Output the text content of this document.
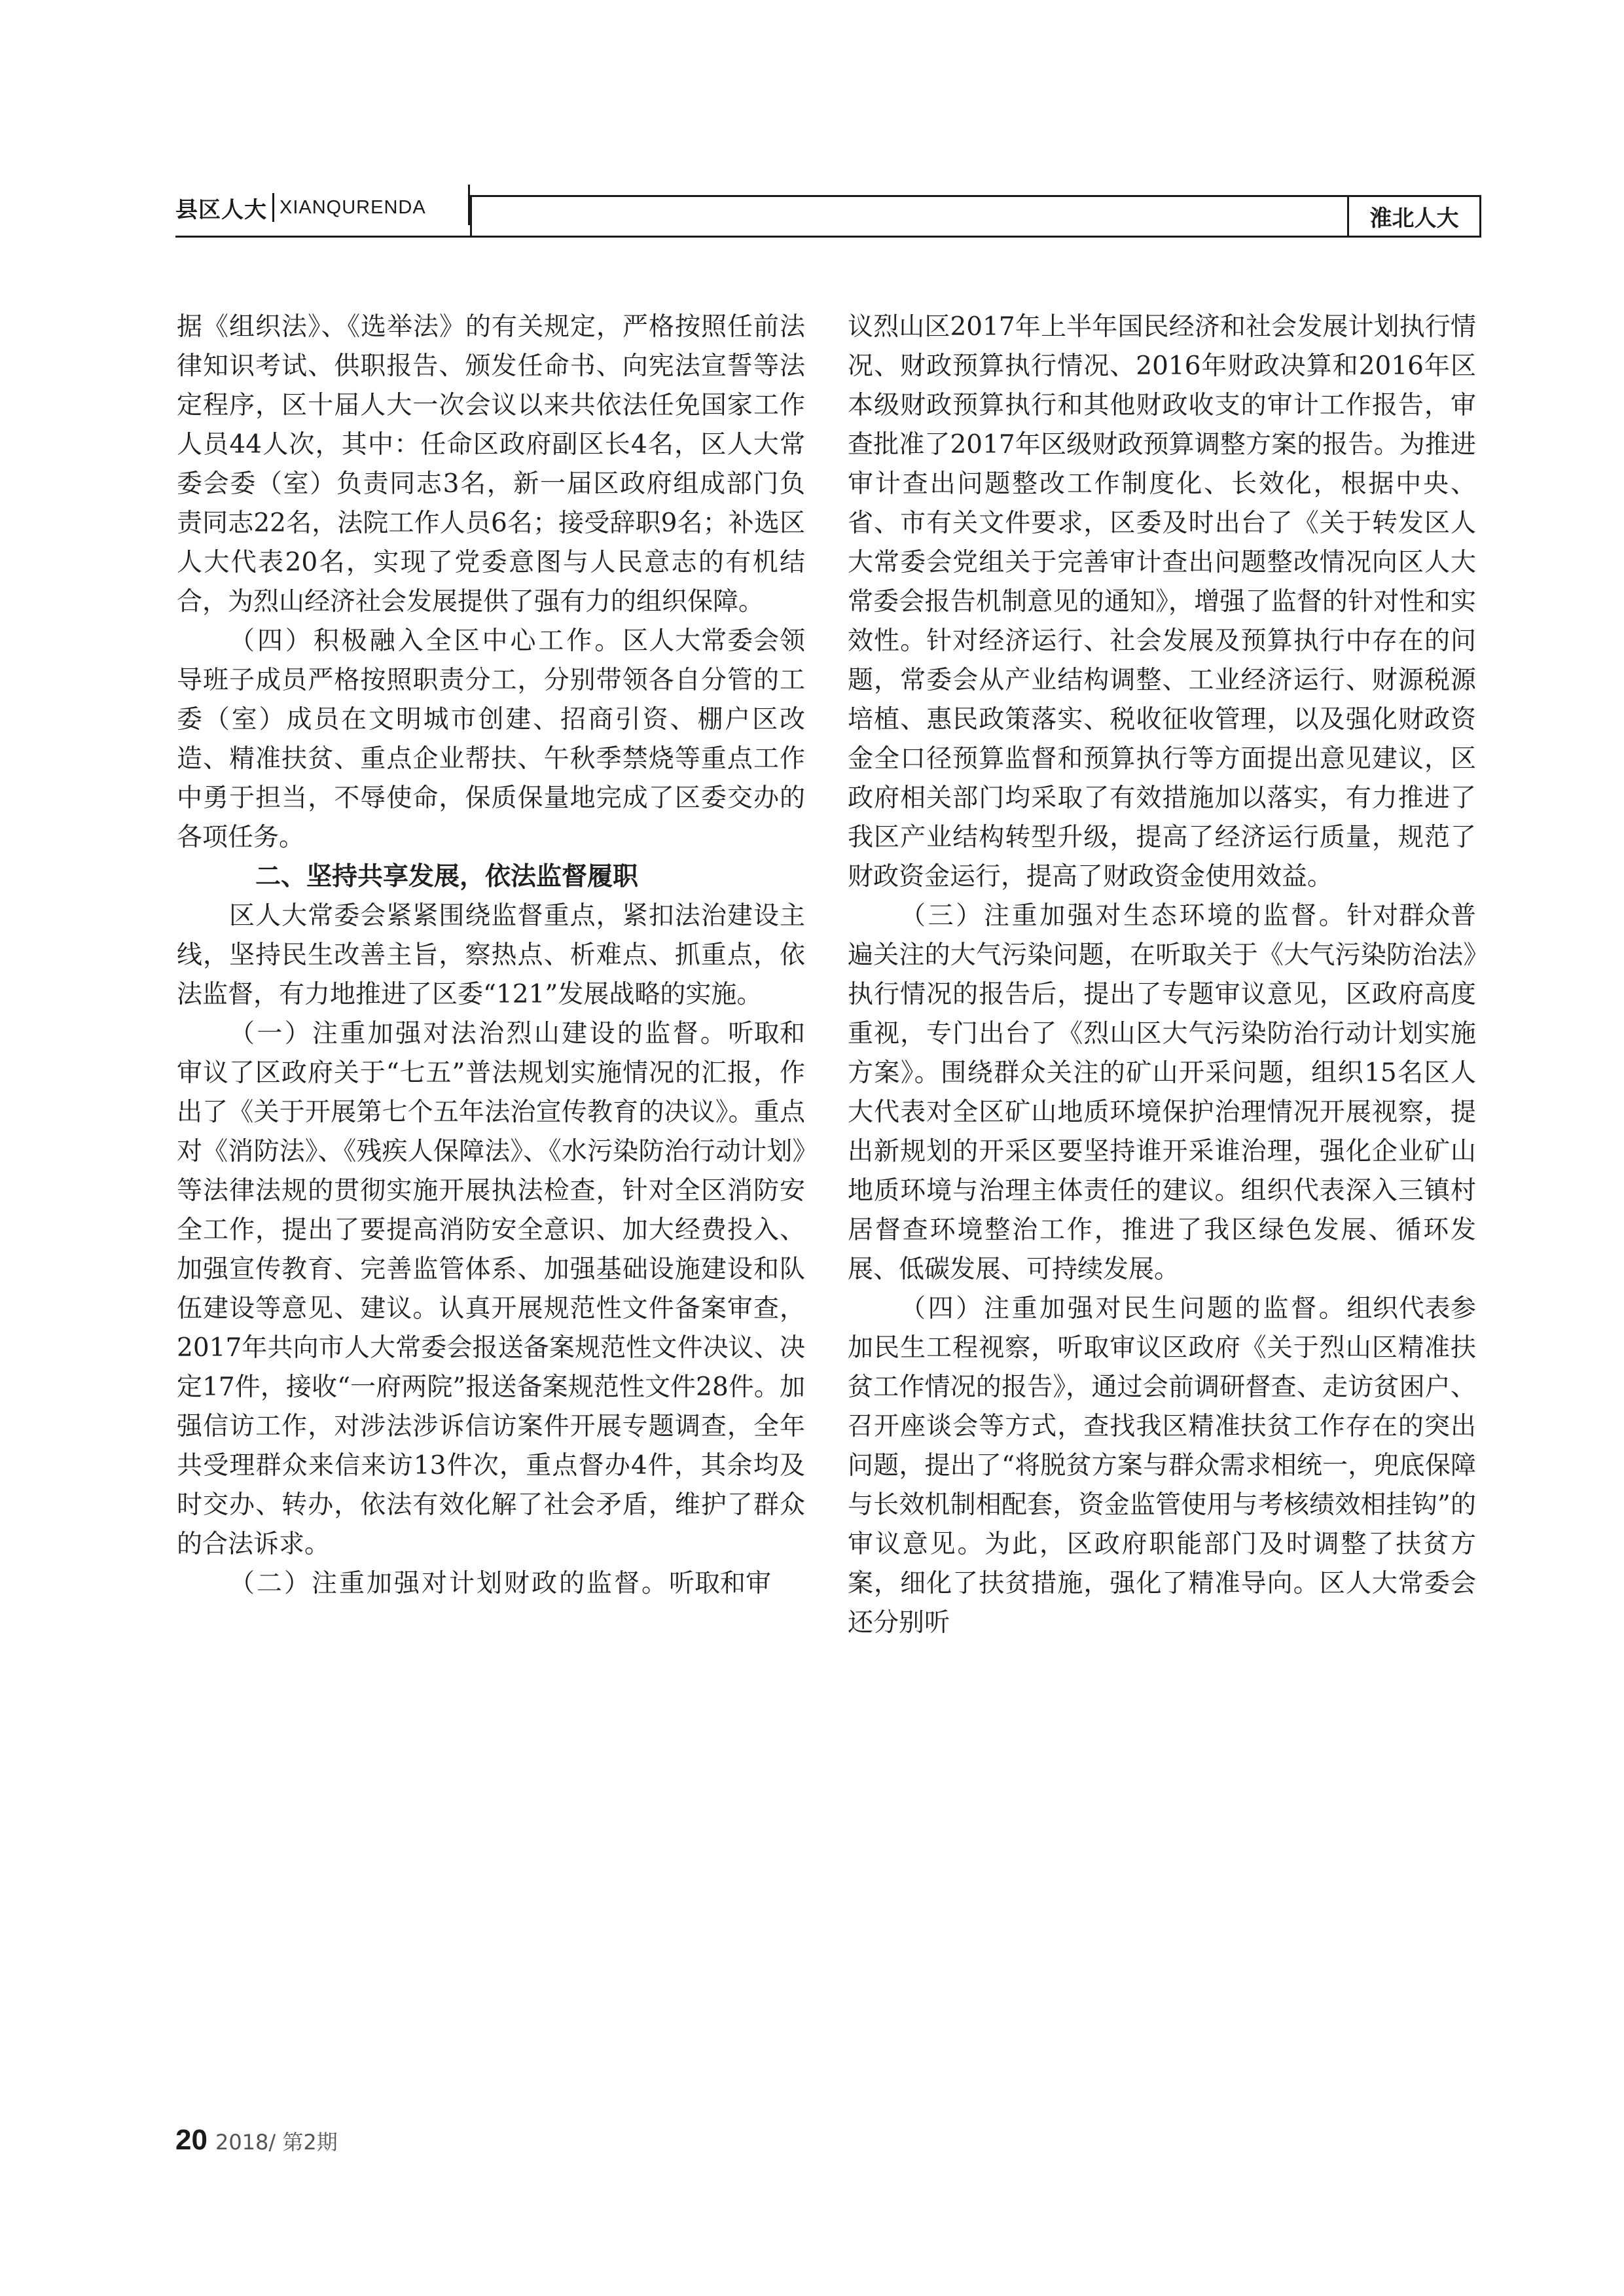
县区人大 XIANQURENDA	淮北人大

据《组织法》、《选举法》的有关规定，严格按照任前法律知识考试、供职报告、颁发任命书、向宪法宣誓等法定程序，区十届人大一次会议以来共依法任免国家工作人员44人次，其中：任命区政府副区长4名，区人大常委会委（室）负责同志3名，新一届区政府组成部门负责同志22名，法院工作人员6名；接受辞职9名；补选区人大代表20名，实现了党委意图与人民意志的有机结合，为烈山经济社会发展提供了强有力的组织保障。

（四）积极融入全区中心工作。区人大常委会领导班子成员严格按照职责分工，分别带领各自分管的工委（室）成员在文明城市创建、招商引资、棚户区改造、精准扶贫、重点企业帮扶、午秋季禁烧等重点工作中勇于担当，不辱使命，保质保量地完成了区委交办的各项任务。

二、坚持共享发展，依法监督履职

区人大常委会紧紧围绕监督重点，紧扣法治建设主线，坚持民生改善主旨，察热点、析难点、抓重点，依法监督，有力地推进了区委“121”发展战略的实施。

（一）注重加强对法治烈山建设的监督。听取和审议了区政府关于“七五”普法规划实施情况的汇报，作出了《关于开展第七个五年法治宣传教育的决议》。重点对《消防法》、《残疾人保障法》、《水污染防治行动计划》等法律法规的贯彻实施开展执法检查，针对全区消防安全工作，提出了要提高消防安全意识、加大经费投入、加强宣传教育、完善监管体系、加强基础设施建设和队伍建设等意见、建议。认真开展规范性文件备案审查，2017年共向市人大常委会报送备案规范性文件决议、决定17件，接收“一府两院”报送备案规范性文件28件。加强信访工作，对涉法涉诉信访案件开展专题调查，全年共受理群众来信来访13件次，重点督办4件，其余均及时交办、转办，依法有效化解了社会矛盾，维护了群众的合法诉求。

（二）注重加强对计划财政的监督。听取和审

议烈山区2017年上半年国民经济和社会发展计划执行情况、财政预算执行情况、2016年财政决算和2016年区本级财政预算执行和其他财政收支的审计工作报告，审查批准了2017年区级财政预算调整方案的报告。为推进审计查出问题整改工作制度化、长效化，根据中央、省、市有关文件要求，区委及时出台了《关于转发区人大常委会党组关于完善审计查出问题整改情况向区人大常委会报告机制意见的通知》，增强了监督的针对性和实效性。针对经济运行、社会发展及预算执行中存在的问题，常委会从产业结构调整、工业经济运行、财源税源培植、惠民政策落实、税收征收管理，以及强化财政资金全口径预算监督和预算执行等方面提出意见建议，区政府相关部门均采取了有效措施加以落实，有力推进了我区产业结构转型升级，提高了经济运行质量，规范了财政资金运行，提高了财政资金使用效益。

（三）注重加强对生态环境的监督。针对群众普遍关注的大气污染问题，在听取关于《大气污染防治法》执行情况的报告后，提出了专题审议意见，区政府高度重视，专门出台了《烈山区大气污染防治行动计划实施方案》。围绕群众关注的矿山开采问题，组织15名区人大代表对全区矿山地质环境保护治理情况开展视察，提出新规划的开采区要坚持谁开采谁治理，强化企业矿山地质环境与治理主体责任的建议。组织代表深入三镇村居督查环境整治工作，推进了我区绿色发展、循环发展、低碳发展、可持续发展。

（四）注重加强对民生问题的监督。组织代表参加民生工程视察，听取审议区政府《关于烈山区精准扶贫工作情况的报告》，通过会前调研督查、走访贫困户、召开座谈会等方式，查找我区精准扶贫工作存在的突出问题，提出了“将脱贫方案与群众需求相统一，兜底保障与长效机制相配套，资金监管使用与考核绩效相挂钩”的审议意见。为此，区政府职能部门及时调整了扶贫方案，细化了扶贫措施，强化了精准导向。区人大常委会还分别听

20 2018/ 第2期
